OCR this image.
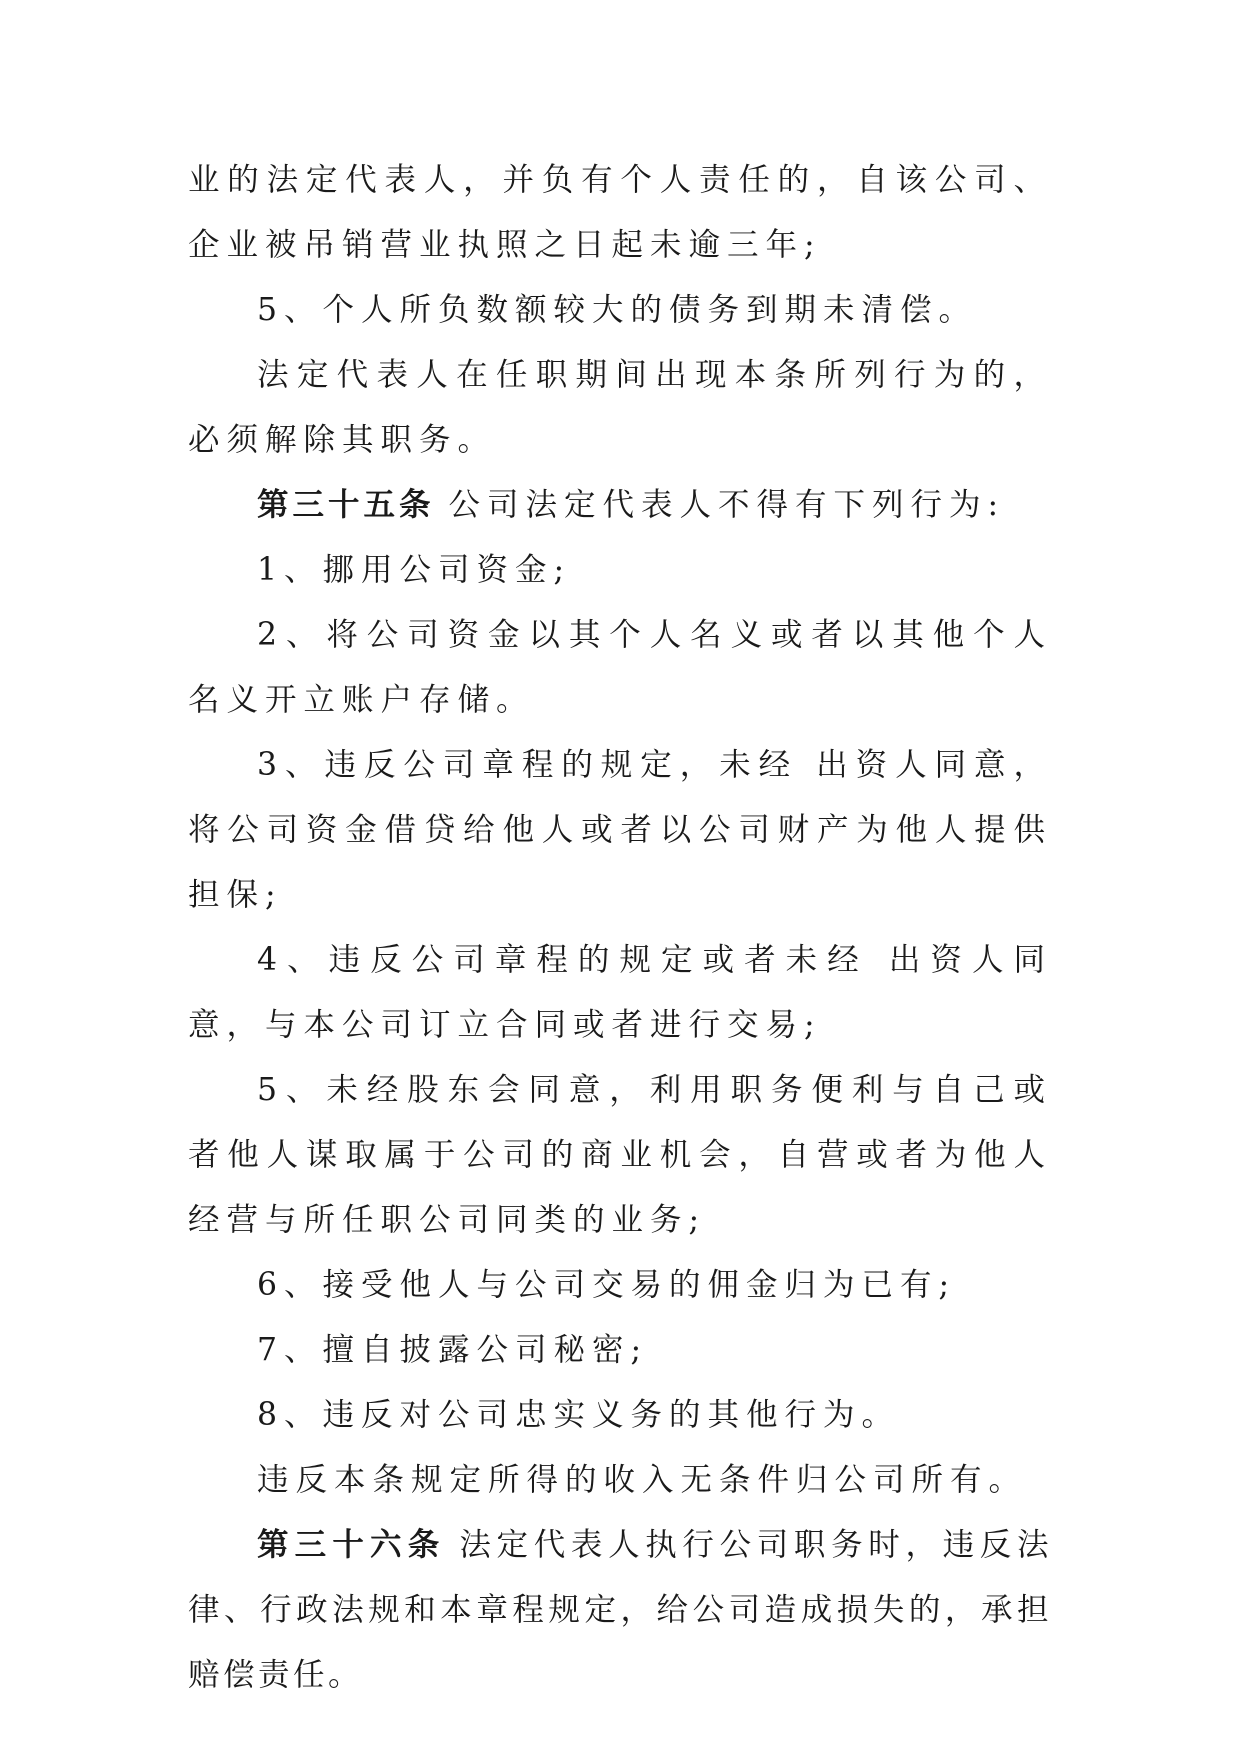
业的法定代表人，并负有个人责任的，自该公司、企业被吊销营业执照之日起未逾三年;

5、个人所负数额较大的债务到期未清偿。

法定代表人在任职期间出现本条所列行为的，必须解除其职务。

第三十五条 公司法定代表人不得有下列行为:

1、挪用公司资金;

2、将公司资金以其个人名义或者以其他个人名义开立账户存储。

3、违反公司章程的规定，未经 出资人同意，将公司资金借贷给他人或者以公司财产为他人提供担保;

4、违反公司章程的规定或者未经 出资人同意，与本公司订立合同或者进行交易;

5、未经股东会同意，利用职务便利与自己或者他人谋取属于公司的商业机会，自营或者为他人经营与所任职公司同类的业务;

6、接受他人与公司交易的佣金归为已有;

7、擅自披露公司秘密;

8、违反对公司忠实义务的其他行为。

违反本条规定所得的收入无条件归公司所有。

第三十六条 法定代表人执行公司职务时，违反法律、行政法规和本章程规定，给公司造成损失的，承担赔偿责任。
